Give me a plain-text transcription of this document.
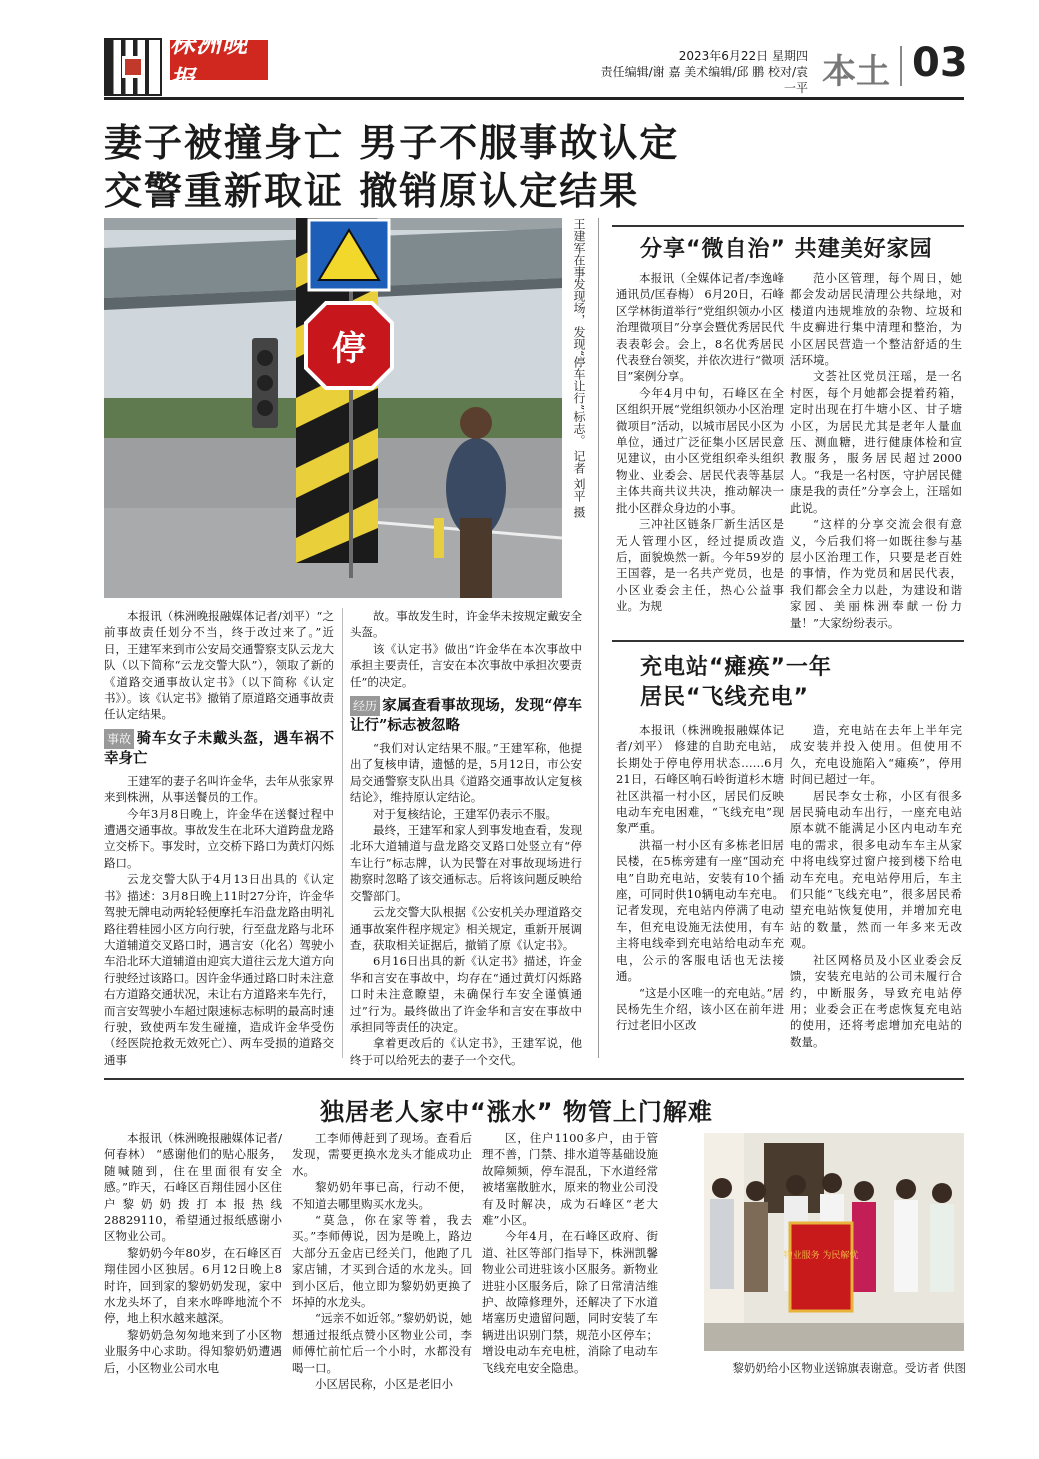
株洲晚报
2023年6月22日 星期四
责任编辑/谢 嘉 美术编辑/邱 鹏 校对/袁一平 本土 03
妻子被撞身亡 男子不服事故认定
交警重新取证 撤销原认定结果
停	王建军在事发现场，发现“停车让行”标志。 记者 刘平 摄

本报讯（株洲晚报融媒体记者/刘平）“之前事故责任划分不当，终于改过来了。”近日，王建军来到市公安局交通警察支队云龙大队（以下简称“云龙交警大队”），领取了新的《道路交通事故认定书》（以下简称《认定书》）。该《认定书》撤销了原道路交通事故责任认定结果。

事故 骑车女子未戴头盔，遇车祸不幸身亡

王建军的妻子名叫许金华，去年从张家界来到株洲，从事送餐员的工作。

今年3月8日晚上，许金华在送餐过程中遭遇交通事故。事故发生在北环大道跨盘龙路立交桥下。事发时，立交桥下路口为黄灯闪烁路口。

云龙交警大队于4月13日出具的《认定书》描述：3月8日晚上11时27分许，许金华驾驶无牌电动两轮轻便摩托车沿盘龙路由明礼路往碧桂园小区方向行驶，行至盘龙路与北环大道辅道交叉路口时，遇言安（化名）驾驶小车沿北环大道辅道由迎宾大道往云龙大道方向行驶经过该路口。因许金华通过路口时未注意右方道路交通状况，未让右方道路来车先行，而言安驾驶小车超过限速标志标明的最高时速行驶，致使两车发生碰撞，造成许金华受伤（经医院抢救无效死亡）、两车受损的道路交通事

故。事故发生时，许金华未按规定戴安全头盔。

该《认定书》做出“许金华在本次事故中承担主要责任，言安在本次事故中承担次要责任”的决定。

经历 家属查看事故现场，发现“停车让行”标志被忽略

“我们对认定结果不服。”王建军称，他提出了复核申请，遗憾的是，5月12日，市公安局交通警察支队出具《道路交通事故认定复核结论》，维持原认定结论。

对于复核结论，王建军仍表示不服。

最终，王建军和家人到事发地查看，发现北环大道辅道与盘龙路交叉路口处竖立有“停车让行”标志牌，认为民警在对事故现场进行勘察时忽略了该交通标志。后将该问题反映给交警部门。

云龙交警大队根据《公安机关办理道路交通事故案件程序规定》相关规定，重新开展调查，获取相关证据后，撤销了原《认定书》。

6月16日出具的新《认定书》描述，许金华和言安在事故中，均存在“通过黄灯闪烁路口时未注意瞭望，未确保行车安全谨慎通过”行为。最终做出了许金华和言安在事故中承担同等责任的决定。

拿着更改后的《认定书》，王建军说，他终于可以给死去的妻子一个交代。

分享“微自治” 共建美好家园

本报讯（全媒体记者/李逸峰 通讯员/匡春梅） 6月20日，石峰区学林街道举行“党组织领办小区治理微项目”分享会暨优秀居民代表表彰会。会上，8名优秀居民代表登台领奖，并依次进行“微项目”案例分享。

今年4月中旬，石峰区在全区组织开展“党组织领办小区治理微项目”活动，以城市居民小区为单位，通过广泛征集小区居民意见建议，由小区党组织牵头组织物业、业委会、居民代表等基层主体共商共议共决，推动解决一批小区群众身边的小事。

三冲社区链条厂新生活区是无人管理小区，经过提质改造后，面貌焕然一新。今年59岁的王国蓉，是一名共产党员，也是小区业委会主任，热心公益事业。为规

范小区管理，每个周日，她都会发动居民清理公共绿地，对楼道内违规堆放的杂物、垃圾和牛皮癣进行集中清理和整治，为小区居民营造一个整洁舒适的生活环境。

文荟社区党员汪瑶，是一名村医，每个月她都会提着药箱，定时出现在打牛塘小区、甘子塘小区，为居民尤其是老年人量血压、测血糖，进行健康体检和宣教服务，服务居民超过2000人。“我是一名村医，守护居民健康是我的责任”分享会上，汪瑶如此说。

“这样的分享交流会很有意义，今后我们将一如既往参与基层小区治理工作，只要是老百姓的事情，作为党员和居民代表，我们都会全力以赴，为建设和谐家园、美丽株洲奉献一份力量！”大家纷纷表示。

充电站“瘫痪”一年
居民“飞线充电”

本报讯（株洲晚报融媒体记者/刘平） 修建的自助充电站，长期处于停电停用状态……6月21日，石峰区响石岭街道杉木塘社区洪福一村小区，居民们反映电动车充电困难，“飞线充电”现象严重。

洪福一村小区有多栋老旧居民楼，在5栋旁建有一座“国动充电”自助充电站，安装有10个插座，可同时供10辆电动车充电。记者发现，充电站内停满了电动车，但充电设施无法使用，有车主将电线牵到充电站给电动车充电，公示的客服电话也无法接通。

“这是小区唯一的充电站。”居民杨先生介绍，该小区在前年进行过老旧小区改

造，充电站在去年上半年完成安装并投入使用。但使用不久，充电设施陷入“瘫痪”，停用时间已超过一年。

居民李女士称，小区有很多居民骑电动车出行，一座充电站原本就不能满足小区内电动车充电的需求，很多电动车车主从家中将电线穿过窗户接到楼下给电动车充电。充电站停用后，车主们只能“飞线充电”，很多居民希望充电站恢复使用，并增加充电站的数量，然而一年多来无改观。

社区网格员及小区业委会反馈，安装充电站的公司未履行合约，中断服务，导致充电站停用；业委会正在考虑恢复充电站的使用，还将考虑增加充电站的数量。

独居老人家中“涨水” 物管上门解难

本报讯（株洲晚报融媒体记者/何春林） “感谢他们的贴心服务，随喊随到，住在里面很有安全感。”昨天，石峰区百翔佳园小区住户黎奶奶拨打本报热线28829110，希望通过报纸感谢小区物业公司。

黎奶奶今年80岁，在石峰区百翔佳园小区独居。6月12日晚上8时许，回到家的黎奶奶发现，家中水龙头坏了，自来水哗哗地流个不停，地上积水越来越深。

黎奶奶急匆匆地来到了小区物业服务中心求助。得知黎奶奶遭遇后，小区物业公司水电

工李师傅赶到了现场。查看后发现，需要更换水龙头才能成功止水。

黎奶奶年事已高，行动不便，不知道去哪里购买水龙头。

“莫急，你在家等着，我去买。”李师傅说，因为是晚上，路边大部分五金店已经关门，他跑了几家店铺，才买到合适的水龙头。回到小区后，他立即为黎奶奶更换了坏掉的水龙头。

“远亲不如近邻。”黎奶奶说，她想通过报纸点赞小区物业公司，李师傅忙前忙后一个小时，水都没有喝一口。

小区居民称，小区是老旧小

区，住户1100多户，由于管理不善，门禁、排水道等基础设施故障频频，停车混乱，下水道经常被堵塞散脏水，原来的物业公司没有及时解决，成为石峰区“老大难”小区。

今年4月，在石峰区政府、街道、社区等部门指导下，株洲凯馨物业公司进驻该小区服务。新物业进驻小区服务后，除了日常清洁维护、故障修理外，还解决了下水道堵塞历史遗留问题，同时安装了车辆进出识别门禁，规范小区停车；增设电动车充电桩，消除了电动车飞线充电安全隐患。

物业服务 为民解忧
黎奶奶给小区物业送锦旗表谢意。受访者 供图
